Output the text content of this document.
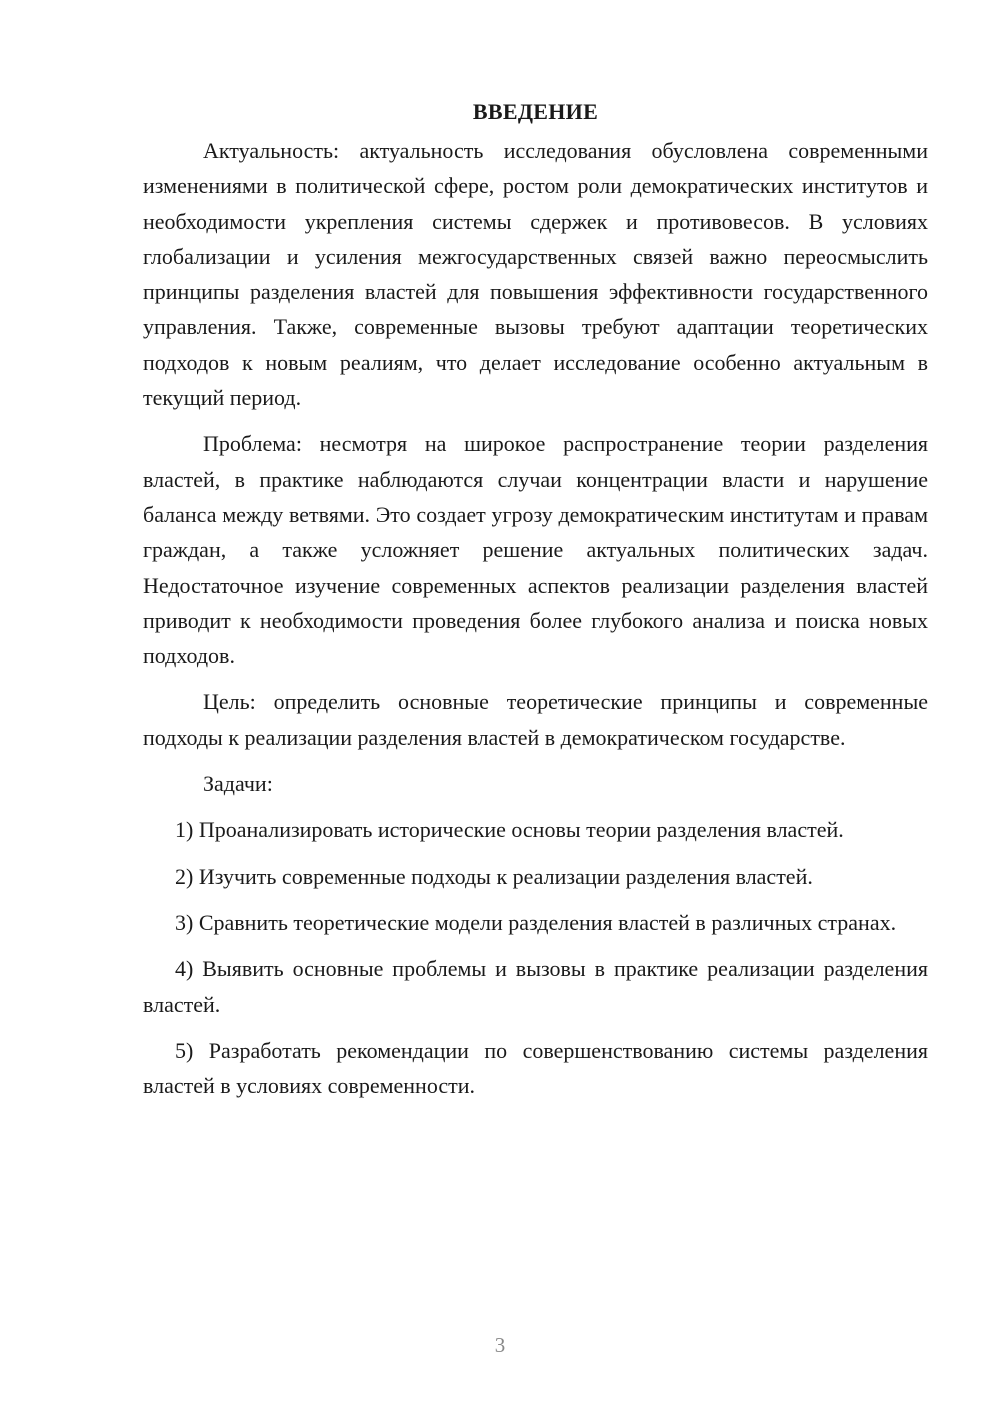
ВВЕДЕНИЕ

Актуальность: актуальность исследования обусловлена современными изменениями в политической сфере, ростом роли демократических институтов и необходимости укрепления системы сдержек и противовесов. В условиях глобализации и усиления межгосударственных связей важно переосмыслить принципы разделения властей для повышения эффективности государственного управления. Также, современные вызовы требуют адаптации теоретических подходов к новым реалиям, что делает исследование особенно актуальным в текущий период.

Проблема: несмотря на широкое распространение теории разделения властей, в практике наблюдаются случаи концентрации власти и нарушение баланса между ветвями. Это создает угрозу демократическим институтам и правам граждан, а также усложняет решение актуальных политических задач. Недостаточное изучение современных аспектов реализации разделения властей приводит к необходимости проведения более глубокого анализа и поиска новых подходов.

Цель: определить основные теоретические принципы и современные подходы к реализации разделения властей в демократическом государстве.

Задачи:

1) Проанализировать исторические основы теории разделения властей.

2) Изучить современные подходы к реализации разделения властей.

3) Сравнить теоретические модели разделения властей в различных странах.

4) Выявить основные проблемы и вызовы в практике реализации разделения властей.

5) Разработать рекомендации по совершенствованию системы разделения властей в условиях современности.

3
